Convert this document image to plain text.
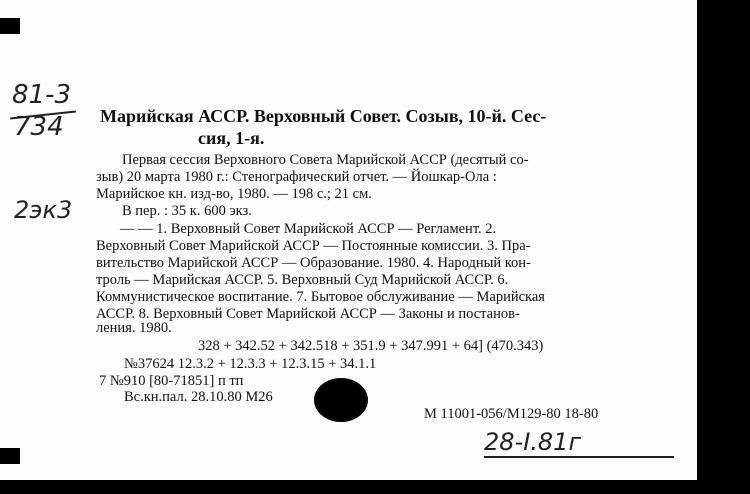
81-3
734
2эк3
Марийская АССР. Верховный Совет. Созыв, 10-й. Сес-
сия, 1-я.
Первая сессия Верховного Совета Марийской АССР (десятый со-
зыв) 20 марта 1980 г.: Стенографический отчет. — Йошкар-Ола :
Марийское кн. изд-во, 1980. — 198 с.; 21 см.
В пер. : 35 к. 600 экз.
— — 1. Верховный Совет Марийской АССР — Регламент. 2.
Верховный Совет Марийской АССР — Постоянные комиссии. 3. Пра-
вительство Марийской АССР — Образование. 1980. 4. Народный кон-
троль — Марийская АССР. 5. Верховный Суд Марийской АССР. 6.
Коммунистическое воспитание. 7. Бытовое обслуживание — Марийская
АССР. 8. Верховный Совет Марийской АССР — Законы и постанов-
ления. 1980.
328 + 342.52 + 342.518 + 351.9 + 347.991 + 64] (470.343)
№37624 12.3.2 + 12.3.3 + 12.3.15 + 34.1.1
7 №910 [80-71851] п тп
Вс.кн.пал. 28.10.80 М26
М 11001-056/М129-80 18-80
28-I.81г
